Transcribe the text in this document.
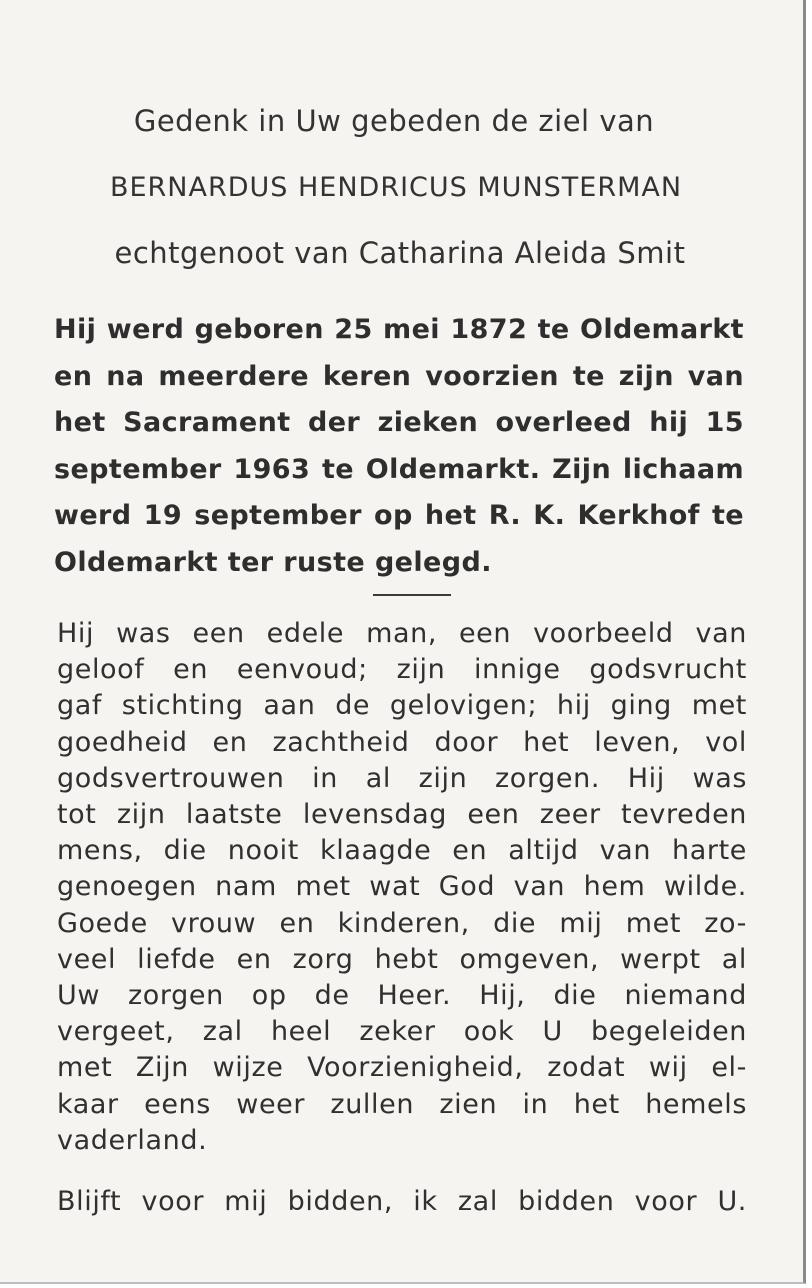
Gedenk in Uw gebeden de ziel van
BERNARDUS HENDRICUS MUNSTERMAN
echtgenoot van Catharina Aleida Smit
Hij werd geboren 25 mei 1872 te Oldemarkt
en na meerdere keren voorzien te zijn van
het Sacrament der zieken overleed hij 15
september 1963 te Oldemarkt. Zijn lichaam
werd 19 september op het R. K. Kerkhof te
Oldemarkt ter ruste gelegd.
Hij was een edele man, een voorbeeld van
geloof en eenvoud; zijn innige godsvrucht
gaf stichting aan de gelovigen; hij ging met
goedheid en zachtheid door het leven, vol
godsvertrouwen in al zijn zorgen. Hij was
tot zijn laatste levensdag een zeer tevreden
mens, die nooit klaagde en altijd van harte
genoegen nam met wat God van hem wilde.
Goede vrouw en kinderen, die mij met zo-
veel liefde en zorg hebt omgeven, werpt al
Uw zorgen op de Heer. Hij, die niemand
vergeet, zal heel zeker ook U begeleiden
met Zijn wijze Voorzienigheid, zodat wij el-
kaar eens weer zullen zien in het hemels
vaderland.
Blijft voor mij bidden, ik zal bidden voor U.
